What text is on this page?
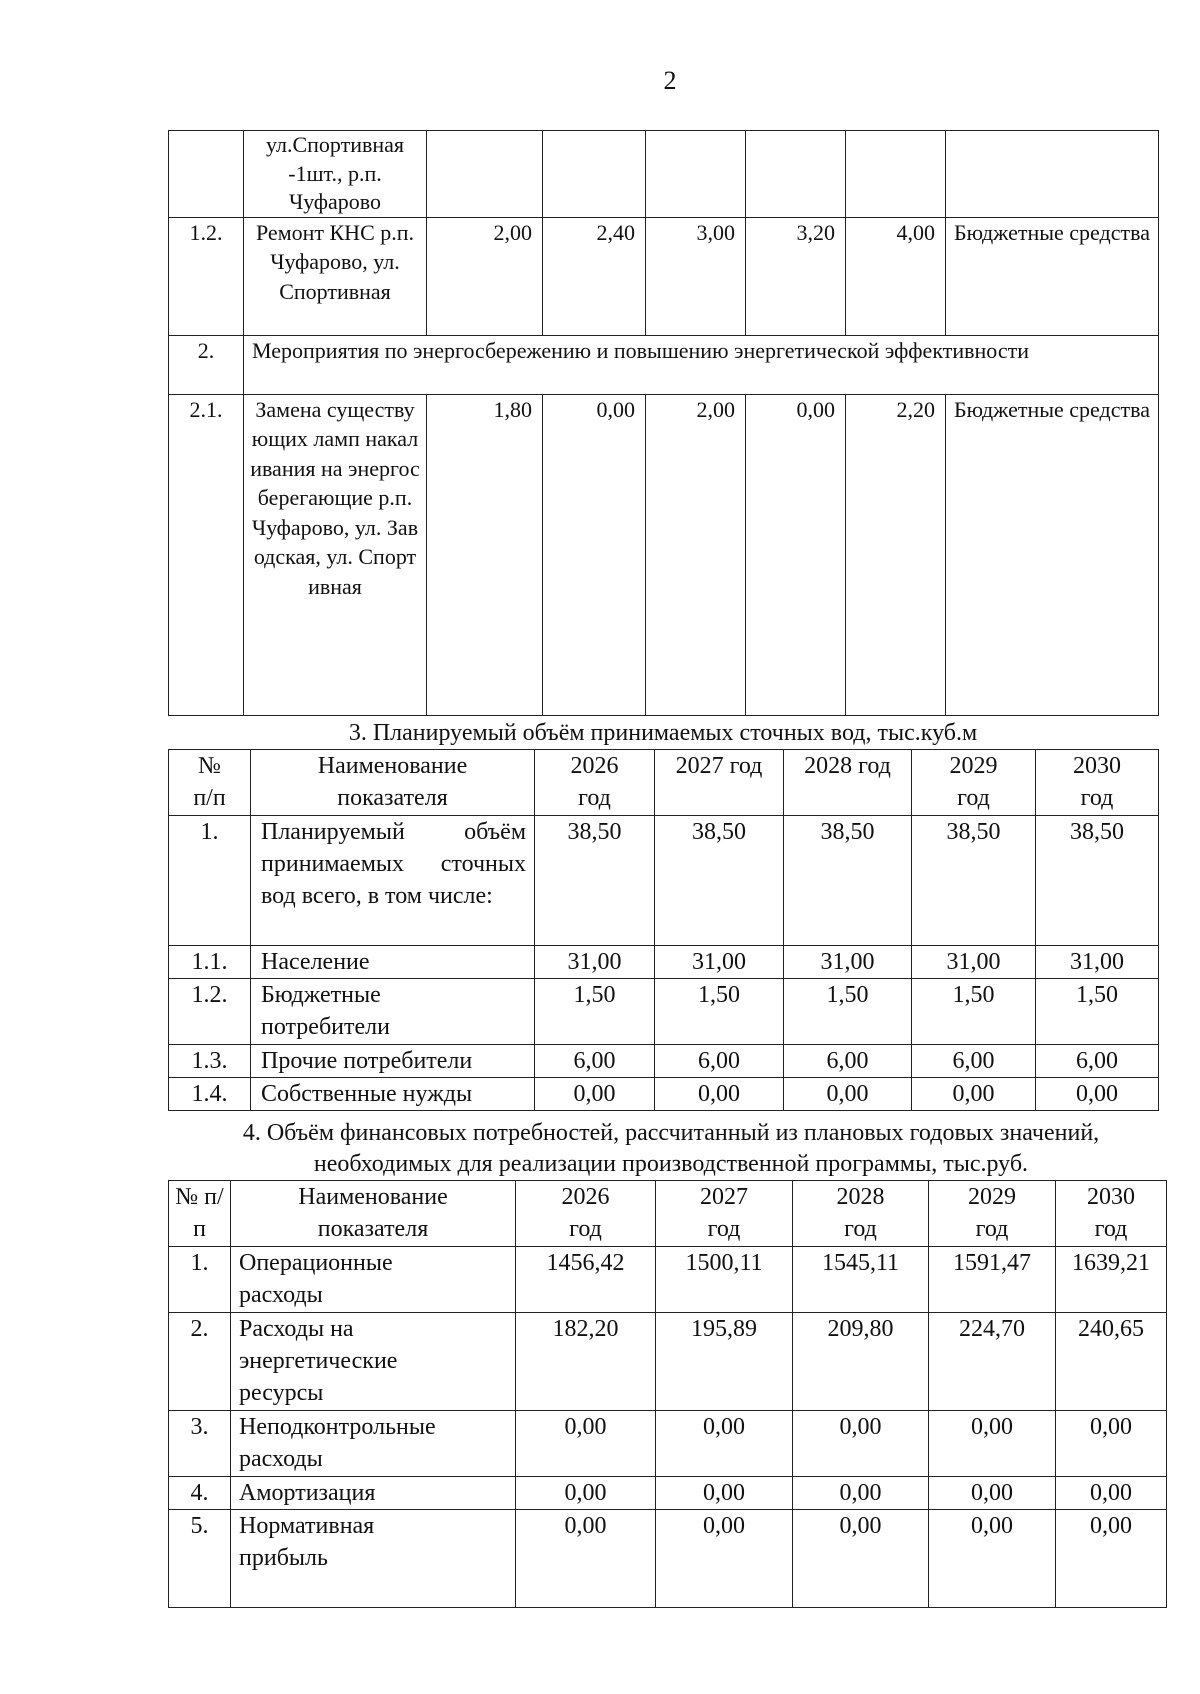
2
	ул.Спортивная -1шт., р.п. Чуфарово						
1.2.	Ремонт КНС р.п. Чуфарово, ул. Спортивная	2,00	2,40	3,00	3,20	4,00	Бюджетные средства
2.	Мероприятия по энергосбережению и повышению энергетической эффективности						
2.1.	Замена существующих ламп накаливания на энергосберегающие р.п. Чуфарово, ул. Заводская, ул. Спортивная	1,80	0,00	2,00	0,00	2,20	Бюджетные средства
3. Планируемый объём принимаемых сточных вод, тыс.куб.м
№ п/п	Наименование показателя	2026 год	2027 год	2028 год	2029 год	2030 год
1.	Планируемый объём принимаемых сточных вод всего, в том числе:	38,50	38,50	38,50	38,50	38,50
1.1.	Население	31,00	31,00	31,00	31,00	31,00
1.2.	Бюджетные потребители	1,50	1,50	1,50	1,50	1,50
1.3.	Прочие потребители	6,00	6,00	6,00	6,00	6,00
1.4.	Собственные нужды	0,00	0,00	0,00	0,00	0,00
4. Объём финансовых потребностей, рассчитанный из плановых годовых значений, необходимых для реализации производственной программы, тыс.руб.
№ п/п	Наименование показателя	2026 год	2027 год	2028 год	2029 год	2030 год
1.	Операционные расходы	1456,42	1500,11	1545,11	1591,47	1639,21
2.	Расходы на энергетические ресурсы	182,20	195,89	209,80	224,70	240,65
3.	Неподконтрольные расходы	0,00	0,00	0,00	0,00	0,00
4.	Амортизация	0,00	0,00	0,00	0,00	0,00
5.	Нормативная прибыль	0,00	0,00	0,00	0,00	0,00
